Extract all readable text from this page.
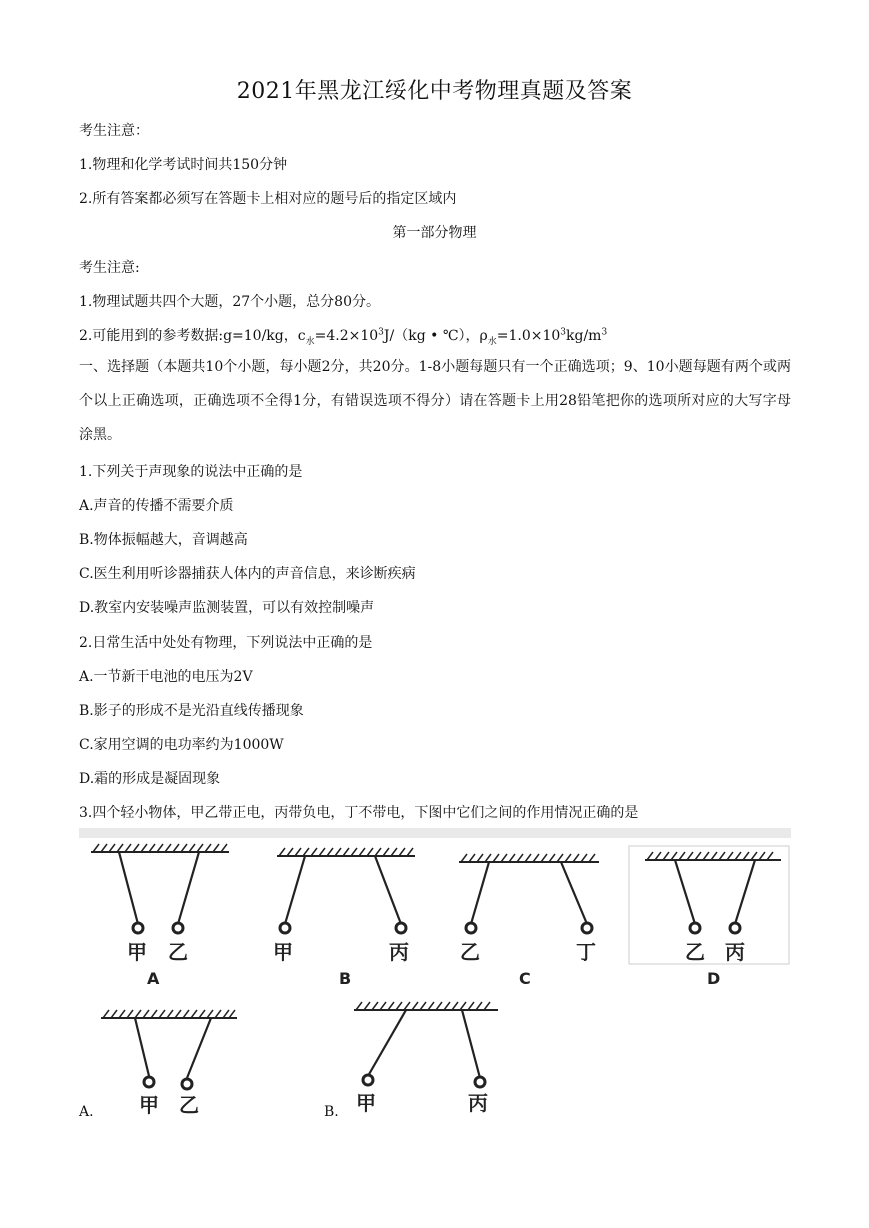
2021年黑龙江绥化中考物理真题及答案
考生注意：
1.物理和化学考试时间共150分钟
2.所有答案都必须写在答题卡上相对应的题号后的指定区域内
第一部分物理
考生注意:
1.物理试题共四个大题，27个小题，总分80分。
2.可能用到的参考数据:g=10/kg，$c_水=4.2\times 10^3J/(kg$ • ℃），$\rho_水=1.0\times 10^3kg/m^3$
一、选择题（本题共10个小题，每小题2分，共20分。1-8小题每题只有一个正确选项；9、10小题每题有两个或两个以上正确选项，正确选项不全得1分，有错误选项不得分）请在答题卡上用28铅笔把你的选项所对应的大写字母涂黑。
1.下列关于声现象的说法中正确的是
A.声音的传播不需要介质
B.物体振幅越大，音调越高
C.医生利用听诊器捕获人体内的声音信息，来诊断疾病
D.教室内安装噪声监测装置，可以有效控制噪声
2.日常生活中处处有物理，下列说法中正确的是
A.一节新干电池的电压为2V
B.影子的形成不是光沿直线传播现象
C.家用空调的电功率约为1000W
D.霜的形成是凝固现象
3.四个轻小物体，甲乙带正电，丙带负电，丁不带电，下图中它们之间的作用情况正确的是
甲 乙
A
甲	丙
B
乙	丁
C
乙 丙
D
甲 乙
A.	甲	丙
B.
